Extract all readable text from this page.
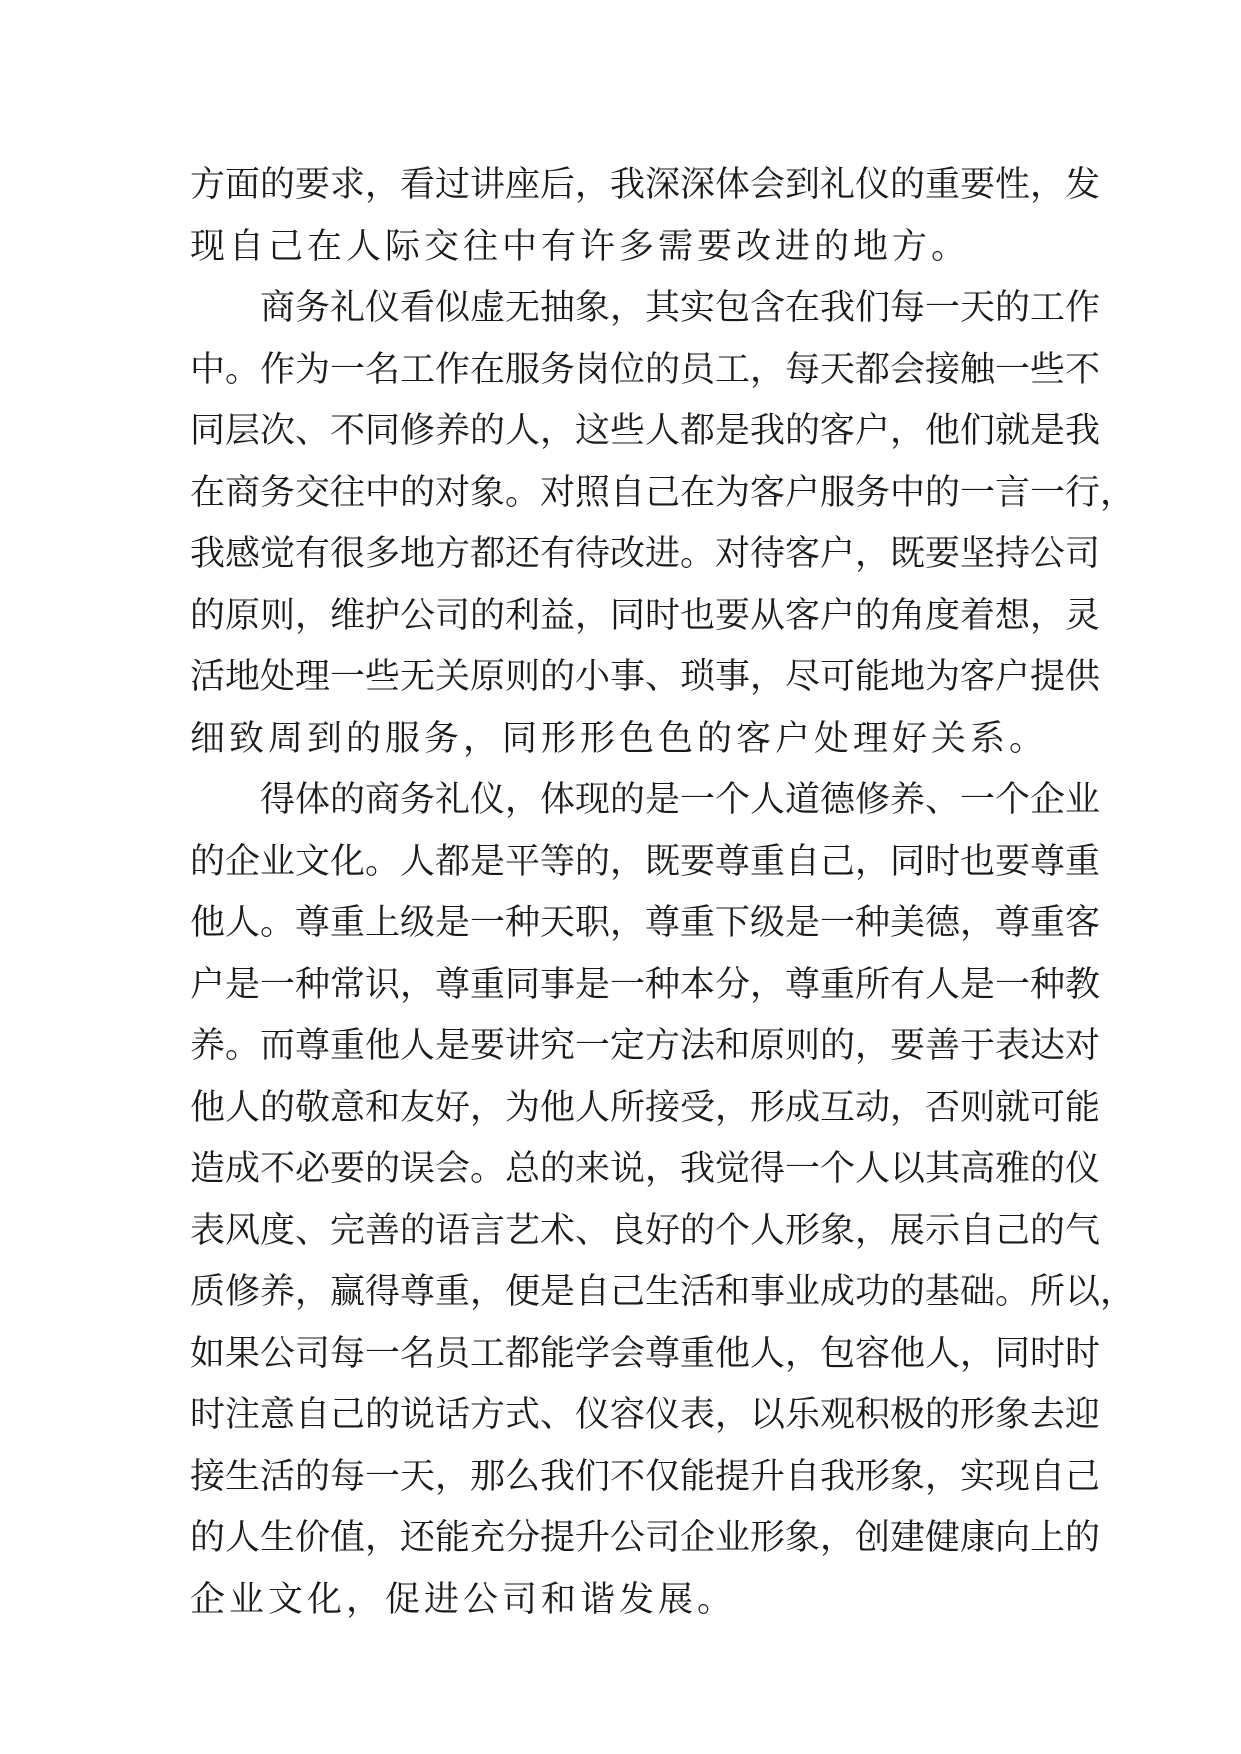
方面的要求，看过讲座后，我深深体会到礼仪的重要性，发
现自己在人际交往中有许多需要改进的地方。
商务礼仪看似虚无抽象，其实包含在我们每一天的工作
中。作为一名工作在服务岗位的员工，每天都会接触一些不
同层次、不同修养的人，这些人都是我的客户，他们就是我
在商务交往中的对象。对照自己在为客户服务中的一言一行，
我感觉有很多地方都还有待改进。对待客户，既要坚持公司
的原则，维护公司的利益，同时也要从客户的角度着想，灵
活地处理一些无关原则的小事、琐事，尽可能地为客户提供
细致周到的服务，同形形色色的客户处理好关系。
得体的商务礼仪，体现的是一个人道德修养、一个企业
的企业文化。人都是平等的，既要尊重自己，同时也要尊重
他人。尊重上级是一种天职，尊重下级是一种美德，尊重客
户是一种常识，尊重同事是一种本分，尊重所有人是一种教
养。而尊重他人是要讲究一定方法和原则的，要善于表达对
他人的敬意和友好，为他人所接受，形成互动，否则就可能
造成不必要的误会。总的来说，我觉得一个人以其高雅的仪
表风度、完善的语言艺术、良好的个人形象，展示自己的气
质修养，赢得尊重，便是自己生活和事业成功的基础。所以，
如果公司每一名员工都能学会尊重他人，包容他人，同时时
时注意自己的说话方式、仪容仪表，以乐观积极的形象去迎
接生活的每一天，那么我们不仅能提升自我形象，实现自己
的人生价值，还能充分提升公司企业形象，创建健康向上的
企业文化，促进公司和谐发展。
